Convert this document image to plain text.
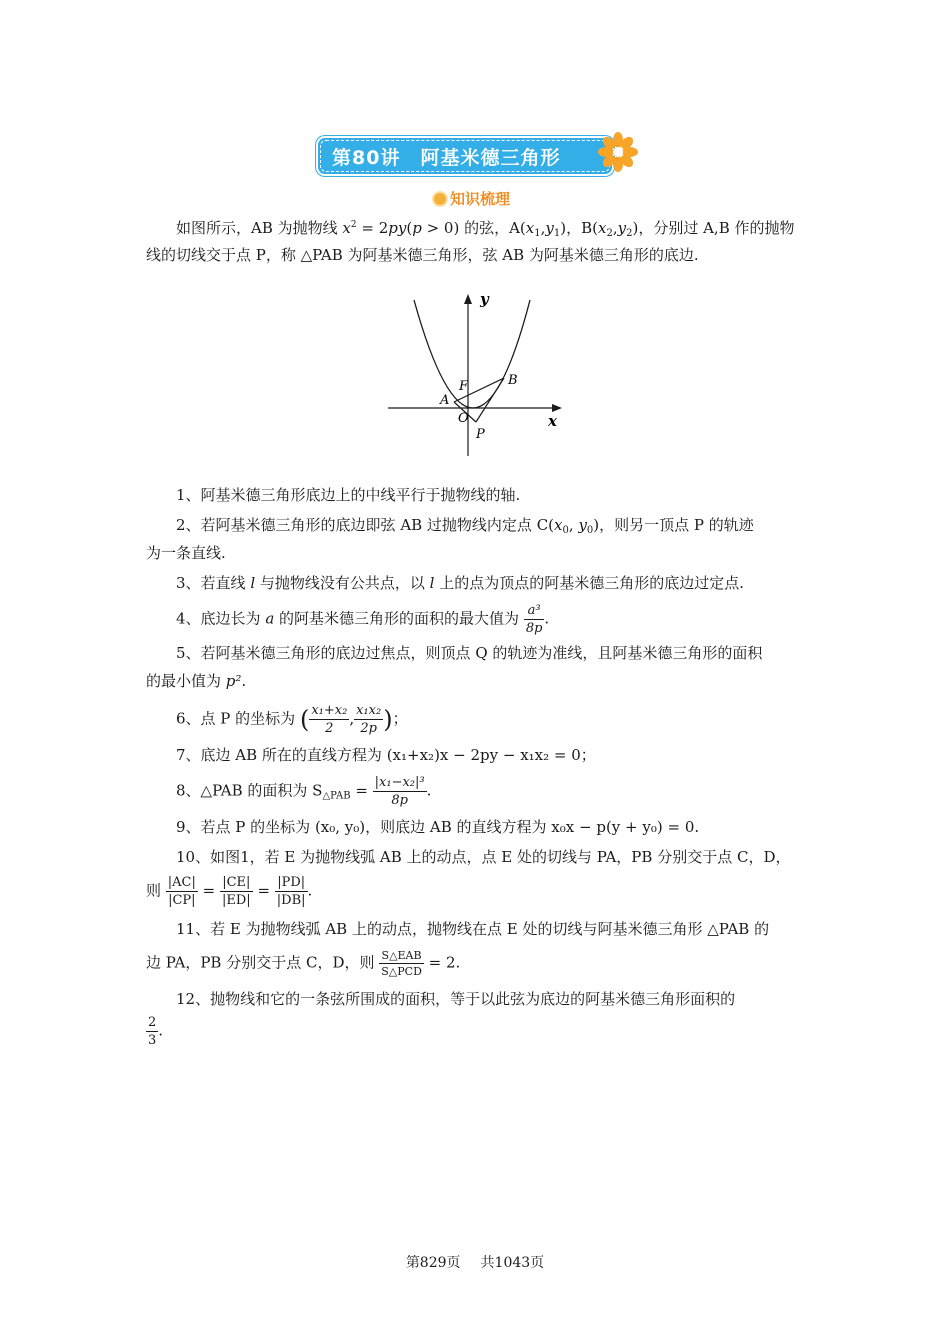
第80讲　阿基米德三角形
知识梳理
如图所示，AB 为抛物线 $x^2 = 2py(p > 0)$ 的弦，$A(x_1,y_1)$，$B(x_2,y_2)$，分别过 A,B 作的抛物
线的切线交于点 P，称 △PAB 为阿基米德三角形，弦 AB 为阿基米德三角形的底边.
y
x
O
A
B
F
P
1、阿基米德三角形底边上的中线平行于抛物线的轴.
2、若阿基米德三角形的底边即弦 AB 过抛物线内定点 $C(x_0$, $y_0$)，则另一顶点 P 的轨迹
为一条直线.
3、若直线 l 与抛物线没有公共点，以 l 上的点为顶点的阿基米德三角形的底边过定点.
4、底边长为 a 的阿基米德三角形的面积的最大值为 $\frac{\text{a³}}{8p}$ .
5、若阿基米德三角形的底边过焦点，则顶点 Q 的轨迹为准线，且阿基米德三角形的面积
的最小值为 p².
6、点 P 的坐标为 ( $\frac{\text{x₁+x₂}}{2}$ , $\frac{\text{x₁x₂}}{2p}$ )；
7、底边 AB 所在的直线方程为 (x₁+x₂)x − 2py − x₁x₂ = 0；
8、△PAB 的面积为 $S_{\triangle PAB} = \frac{\text{|x₁−x₂|³}}{8p}$ .
9、若点 P 的坐标为 (x₀, y₀)，则底边 AB 的直线方程为 x₀x − p(y + y₀) = 0.
10、如图1，若 E 为抛物线弧 AB 上的动点，点 E 处的切线与 PA，PB 分别交于点 C，D，
则 $\frac{|AC|}{|CP|} = \frac{|CE|}{|ED|} = \frac{|PD|}{|DB|}$ .
11、若 E 为抛物线弧 AB 上的动点，抛物线在点 E 处的切线与阿基米德三角形 △PAB 的
边 PA，PB 分别交于点 C，D，则 $\frac{\text{S△EAB}}{\text{S△PCD}} = 2$.
12、抛物线和它的一条弦所围成的面积，等于以此弦为底边的阿基米德三角形面积的
$\frac{2}{3}$ .
第829页 共1043页
